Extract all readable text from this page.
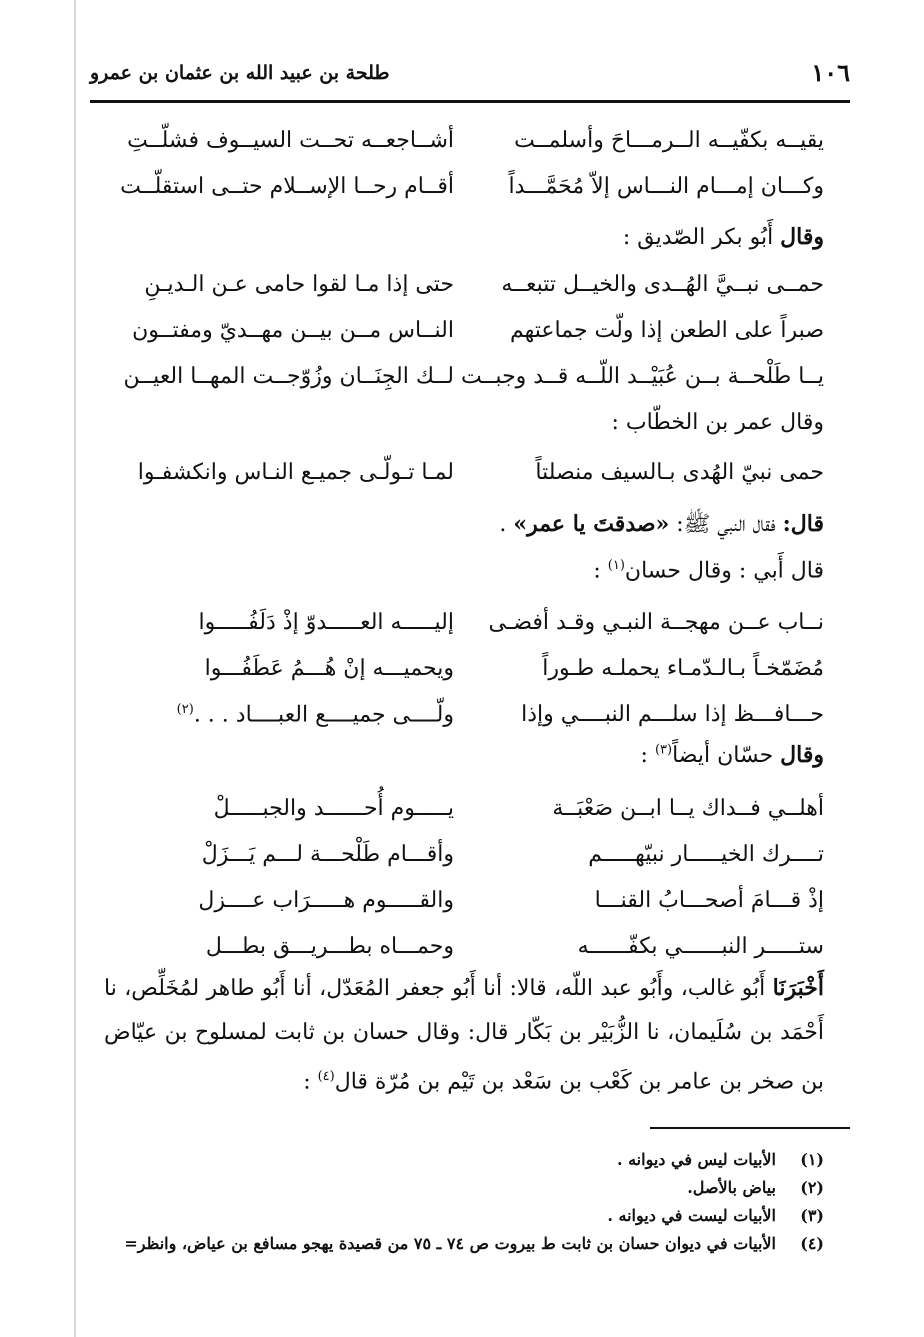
١٠٦
طلحة بن عبيد الله بن عثمان بن عمرو
يقيــه بكفّيــه الــرمـــاحَ وأسلمــت
أشــاجعــه تحــت السيــوف فشلّــتِ
وكـــان إمـــام النـــاس إلاّ مُحَمَّـــداً
أقــام رحــا الإســلام حتــى استقلّــت
وقال أَبُو بكر الصّديق :
حمــى نبــيَّ الهُــدى والخيــل تتبعــه
حتى إذا مـا لقوا حامى عـن الـديـنِ
صبراً على الطعن إذا ولّت جماعتهم
النــاس مــن بيــن مهــديّ ومفتــون
يــا طَلْحــة بــن عُبَيْــد اللّــه قــد وجبــت
لــك الجِنَــان وزُوّجــت المهــا العيــن
وقال عمر بن الخطّاب :
حمى نبيّ الهُدى بـالسيف منصلتاً
لمـا تـولّـى جميـع النـاس وانكشفـوا
قال: فقال النبي ﷺ: «صدقتَ يا عمر» .
قال أَبي : وقال حسان$^{(١)}$ :
نــاب عــن مهجــة النبـي وقـد أفضـى
إليـــــه العـــــدوّ إذْ دَلَفُـــــوا
مُضَمّخـاً بـالـدّمـاء يحملـه طـوراً
ويحميـــه إنْ هُـــمُ عَطَفُـــوا
حـــافـــظ إذا سلـــم النبــــي وإذا
ولّــــى جميــــع العبــــاد . . .$^{(٢)}$
وقال حسّان أيضاً$^{(٣)}$ :
أهلــي فــداك يــا ابــن صَعْبَــة
يـــــوم أُحــــــد والجبـــــلْ
تــــرك الخيـــــار نبيّهـــــم
وأقـــام طَلْحـــة لـــم يَـــزَلْ
إذْ قـــامَ أصحـــابُ القنـــا
والقـــــوم هـــــرَاب عــــزل
ستـــــر النبــــــي بكفّــــــه
وحمـــاه بطـــريـــق بطـــل
أَخْبَرَنَا أَبُو غالب، وأَبُو عبد اللّه، قالا: أنا أَبُو جعفر المُعَدّل، أنا أَبُو طاهر لمُخَلِّص، نا أَحْمَد بن سُلَيمان، نا الزُّبَيْر بن بَكّار قال: وقال حسان بن ثابت لمسلوح بن عيّاض بن صخر بن عامر بن كَعْب بن سَعْد بن تَيْم بن مُرّة قال$^{(٤)}$ :
(١)
الأبيات ليس في ديوانه .
(٢)
بياض بالأصل.
(٣)
الأبيات ليست في ديوانه .
(٤)
الأبيات في ديوان حسان بن ثابت ط بيروت ص ٧٤ ـ ٧٥ من قصيدة يهجو مسافع بن عياض، وانظر=
